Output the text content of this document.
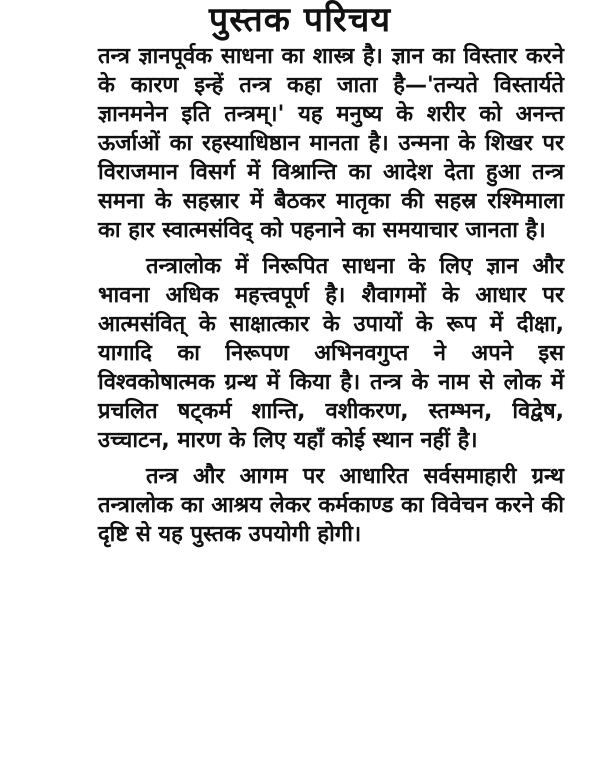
पुस्तक परिचय

तन्त्र ज्ञानपूर्वक साधना का शास्त्र है। ज्ञान का विस्तार करने के कारण इन्हें तन्त्र कहा जाता है—'तन्यते विस्तार्यते ज्ञानमनेन इति तन्त्रम्।' यह मनुष्य के शरीर को अनन्त ऊर्जाओं का रहस्याधिष्ठान मानता है। उन्मना के शिखर पर विराजमान विसर्ग में विश्रान्ति का आदेश देता हुआ तन्त्र समना के सहस्रार में बैठकर मातृका की सहस्र रश्मिमाला का हार स्वात्मसंविद् को पहनाने का समयाचार जानता है।

तन्त्रालोक में निरूपित साधना के लिए ज्ञान और भावना अधिक महत्त्वपूर्ण है। शैवागमों के आधार पर आत्मसंवित् के साक्षात्कार के उपायों के रूप में दीक्षा, यागादि का निरूपण अभिनवगुप्त ने अपने इस विश्वकोषात्मक ग्रन्थ में किया है। तन्त्र के नाम से लोक में प्रचलित षट्कर्म शान्ति, वशीकरण, स्तम्भन, विद्वेष, उच्चाटन, मारण के लिए यहाँ कोई स्थान नहीं है।

तन्त्र और आगम पर आधारित सर्वसमाहारी ग्रन्थ तन्त्रालोक का आश्रय लेकर कर्मकाण्ड का विवेचन करने की दृष्टि से यह पुस्तक उपयोगी होगी।
